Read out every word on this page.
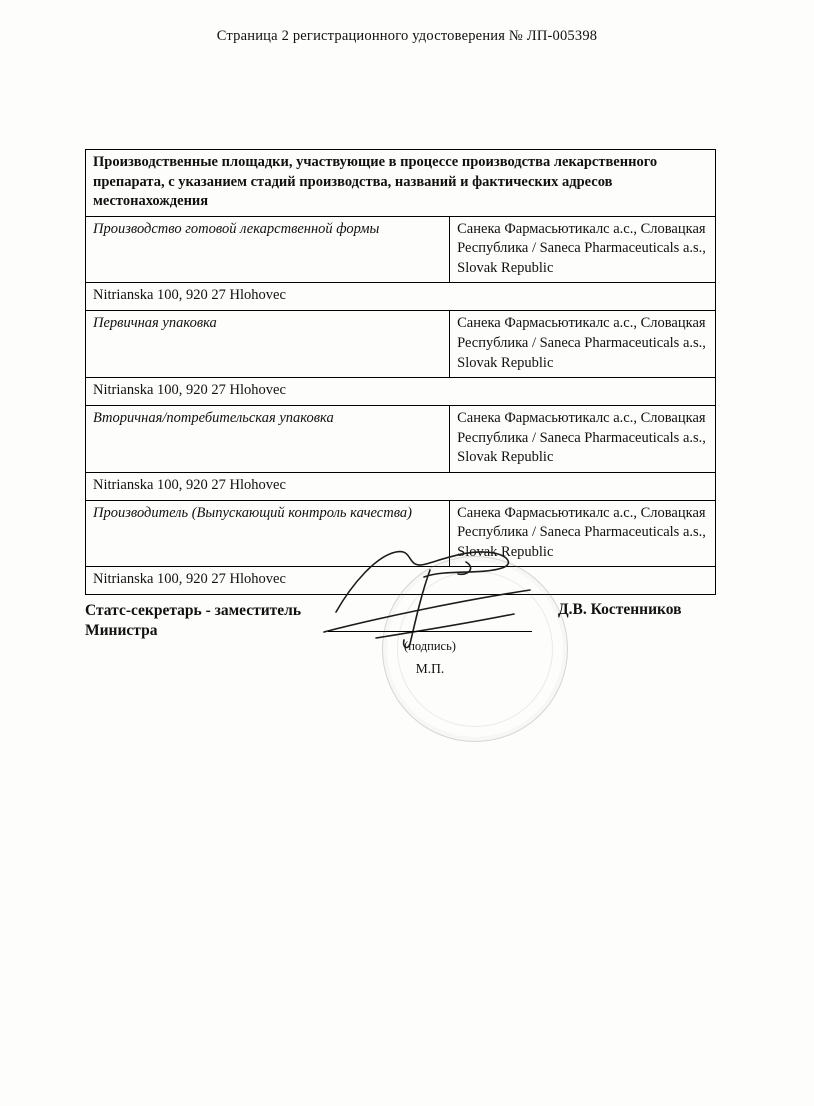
Страница 2 регистрационного удостоверения № ЛП-005398
Производственные площадки, участвующие в процессе производства лекарственного препарата, с указанием стадий производства, названий и фактических адресов местонахождения	
Производство готовой лекарственной формы	Санека Фармасьютикалс а.с., Словацкая Республика / Saneca Pharmaceuticals a.s., Slovak Republic
Nitrianska 100, 920 27 Hlohovec	
Первичная упаковка	Санека Фармасьютикалс а.с., Словацкая Республика / Saneca Pharmaceuticals a.s., Slovak Republic
Nitrianska 100, 920 27 Hlohovec	
Вторичная/потребительская упаковка	Санека Фармасьютикалс а.с., Словацкая Республика / Saneca Pharmaceuticals a.s., Slovak Republic
Nitrianska 100, 920 27 Hlohovec	
Производитель (Выпускающий контроль качества)	Санека Фармасьютикалс а.с., Словацкая Республика / Saneca Pharmaceuticals a.s., Slovak Republic
Nitrianska 100, 920 27 Hlohovec	
Статс-секретарь - заместитель Министра
Д.В. Костенников
(подпись)
М.П.
